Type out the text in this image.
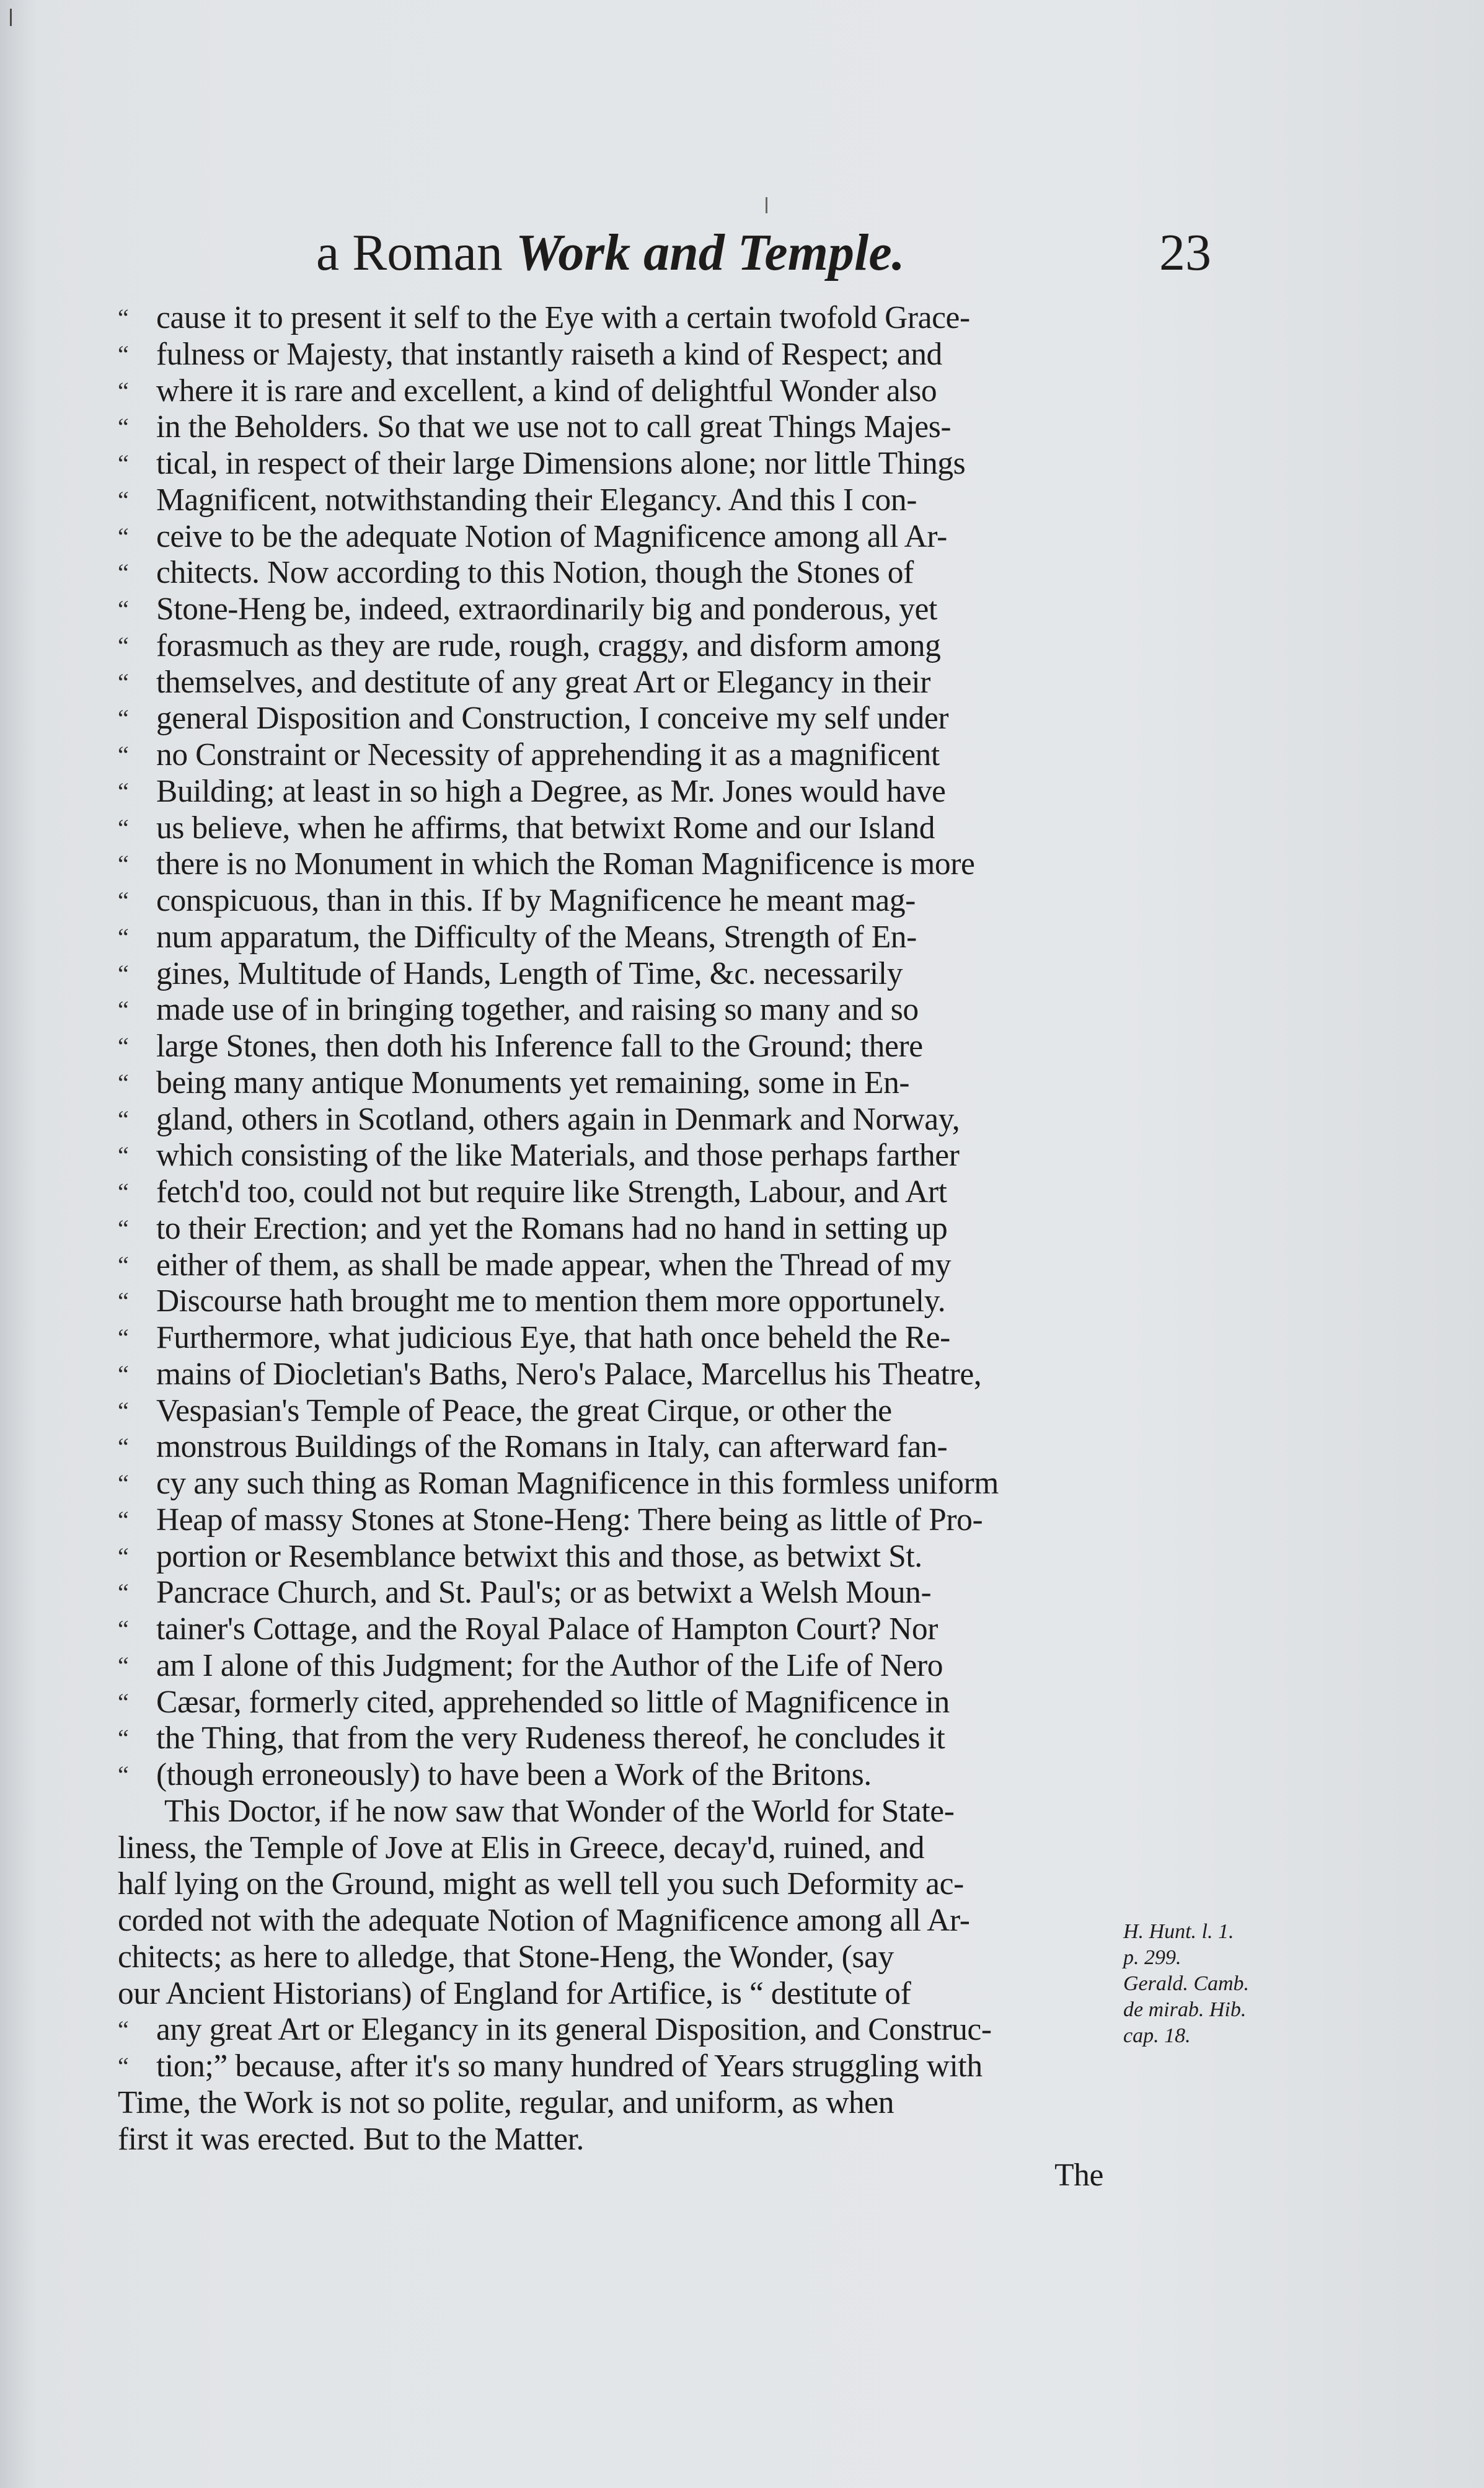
a Roman Work and Temple.	23
“ cause it to present it self to the Eye with a certain twofold Grace-
“ fulness or Majesty, that instantly raiseth a kind of Respect; and
“ where it is rare and excellent, a kind of delightful Wonder also
“ in the Beholders. So that we use not to call great Things Majes-
“ tical, in respect of their large Dimensions alone; nor little Things
“ Magnificent, notwithstanding their Elegancy. And this I con-
“ ceive to be the adequate Notion of Magnificence among all Ar-
“ chitects. Now according to this Notion, though the Stones of
“ Stone-Heng be, indeed, extraordinarily big and ponderous, yet
“ forasmuch as they are rude, rough, craggy, and disform among
“ themselves, and destitute of any great Art or Elegancy in their
“ general Disposition and Construction, I conceive my self under
“ no Constraint or Necessity of apprehending it as a magnificent
“ Building; at least in so high a Degree, as Mr. Jones would have
“ us believe, when he affirms, that betwixt Rome and our Island
“ there is no Monument in which the Roman Magnificence is more
“ conspicuous, than in this. If by Magnificence he meant mag-
“ num apparatum, the Difficulty of the Means, Strength of En-
“ gines, Multitude of Hands, Length of Time, &c. necessarily
“ made use of in bringing together, and raising so many and so
“ large Stones, then doth his Inference fall to the Ground; there
“ being many antique Monuments yet remaining, some in En-
“ gland, others in Scotland, others again in Denmark and Norway,
“ which consisting of the like Materials, and those perhaps farther
“ fetch'd too, could not but require like Strength, Labour, and Art
“ to their Erection; and yet the Romans had no hand in setting up
“ either of them, as shall be made appear, when the Thread of my
“ Discourse hath brought me to mention them more opportunely.
“ Furthermore, what judicious Eye, that hath once beheld the Re-
“ mains of Diocletian's Baths, Nero's Palace, Marcellus his Theatre,
“ Vespasian's Temple of Peace, the great Cirque, or other the
“ monstrous Buildings of the Romans in Italy, can afterward fan-
“ cy any such thing as Roman Magnificence in this formless uniform
“ Heap of massy Stones at Stone-Heng: There being as little of Pro-
“ portion or Resemblance betwixt this and those, as betwixt St.
“ Pancrace Church, and St. Paul's; or as betwixt a Welsh Moun-
“ tainer's Cottage, and the Royal Palace of Hampton Court? Nor
“ am I alone of this Judgment; for the Author of the Life of Nero
“ Cæsar, formerly cited, apprehended so little of Magnificence in
“ the Thing, that from the very Rudeness thereof, he concludes it
“ (though erroneously) to have been a Work of the Britons.
This Doctor, if he now saw that Wonder of the World for State-
liness, the Temple of Jove at Elis in Greece, decay'd, ruined, and
half lying on the Ground, might as well tell you such Deformity ac-
corded not with the adequate Notion of Magnificence among all Ar-
chitects; as here to alledge, that Stone-Heng, the Wonder, (say
our Ancient Historians) of England for Artifice, is “ destitute of
“ any great Art or Elegancy in its general Disposition, and Construc-
“ tion;” because, after it's so many hundred of Years struggling with
Time, the Work is not so polite, regular, and uniform, as when
first it was erected. But to the Matter.
The
H. Hunt. l. 1.
p. 299.
Gerald. Camb.
de mirab. Hib.
cap. 18.
